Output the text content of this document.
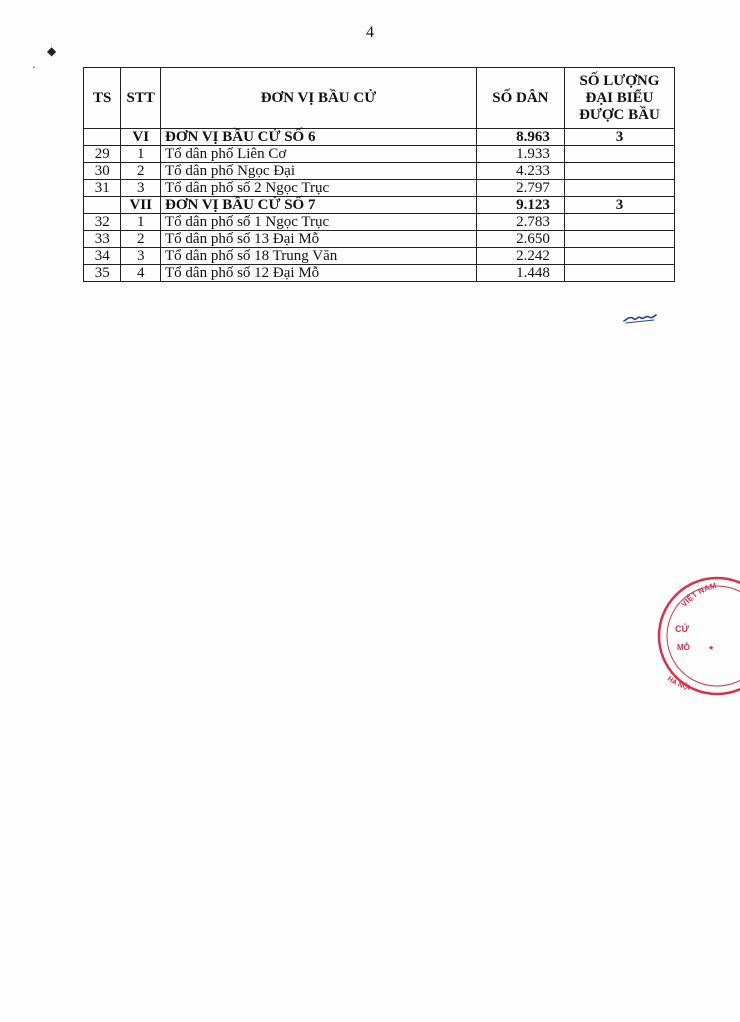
4
◆
·
TS	STT	ĐƠN VỊ BẦU CỬ	SỐ DÂN	SỐ LƯỢNG
ĐẠI BIỂU
ĐƯỢC BẦU
	VI	ĐƠN VỊ BẦU CỬ SỐ 6	8.963	3
29	1	Tổ dân phố Liên Cơ	1.933	
30	2	Tổ dân phố Ngọc Đại	4.233	
31	3	Tổ dân phố số 2 Ngọc Trục	2.797	
	VII	ĐƠN VỊ BẦU CỬ SỐ 7	9.123	3
32	1	Tổ dân phố số 1 Ngọc Trục	2.783	
33	2	Tổ dân phố số 13 Đại Mỗ	2.650	
34	3	Tổ dân phố số 18 Trung Văn	2.242	
35	4	Tổ dân phố số 12 Đại Mỗ	1.448	
VIỆT NAM
CỬ
MỖ
HÀ NỘI
★
